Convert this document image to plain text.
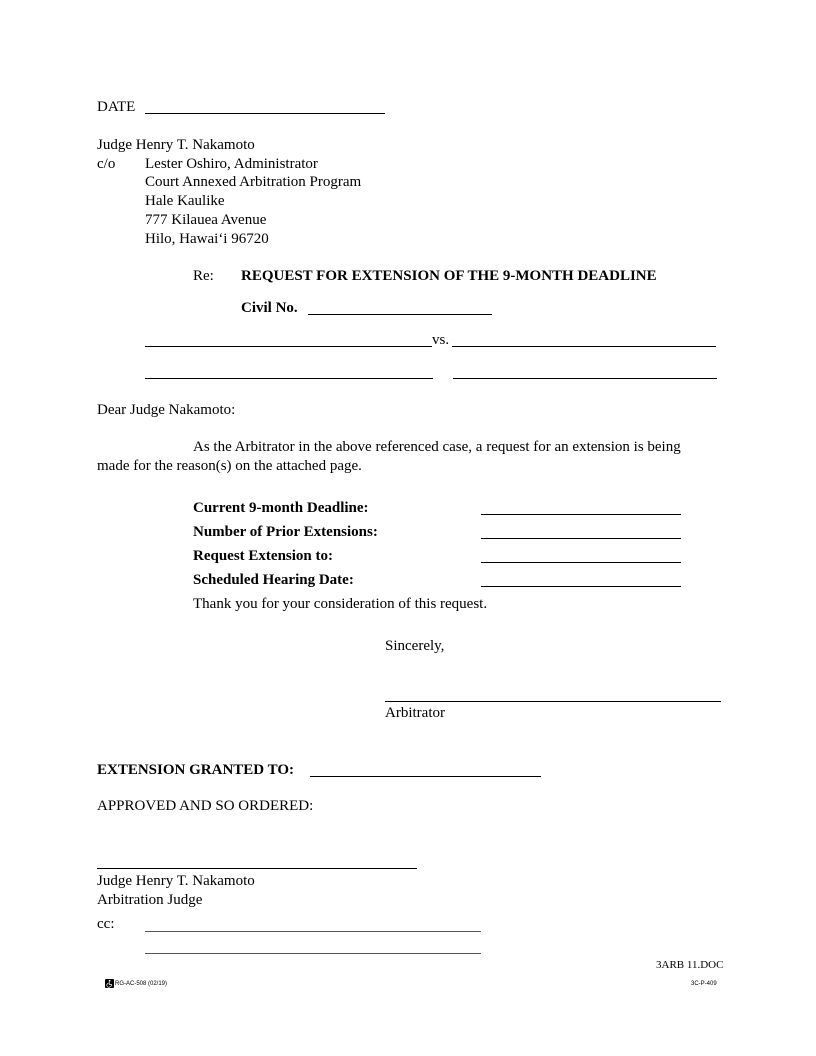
DATE
Judge Henry T. Nakamoto
c/o Lester Oshiro, Administrator
Court Annexed Arbitration Program
Hale Kaulike
777 Kilauea Avenue
Hilo, Hawai‘i 96720
Re: REQUEST FOR EXTENSION OF THE 9-MONTH DEADLINE
Civil No.
vs.
Dear Judge Nakamoto:
As the Arbitrator in the above referenced case, a request for an extension is being
made for the reason(s) on the attached page.
Current 9-month Deadline:
Number of Prior Extensions:
Request Extension to:
Scheduled Hearing Date:
Thank you for your consideration of this request.
Sincerely,
Arbitrator
EXTENSION GRANTED TO:
APPROVED AND SO ORDERED:
Judge Henry T. Nakamoto
Arbitration Judge
cc:
3ARB 11.DOC
RG-AC-508 (02/19)	3C-P-409
